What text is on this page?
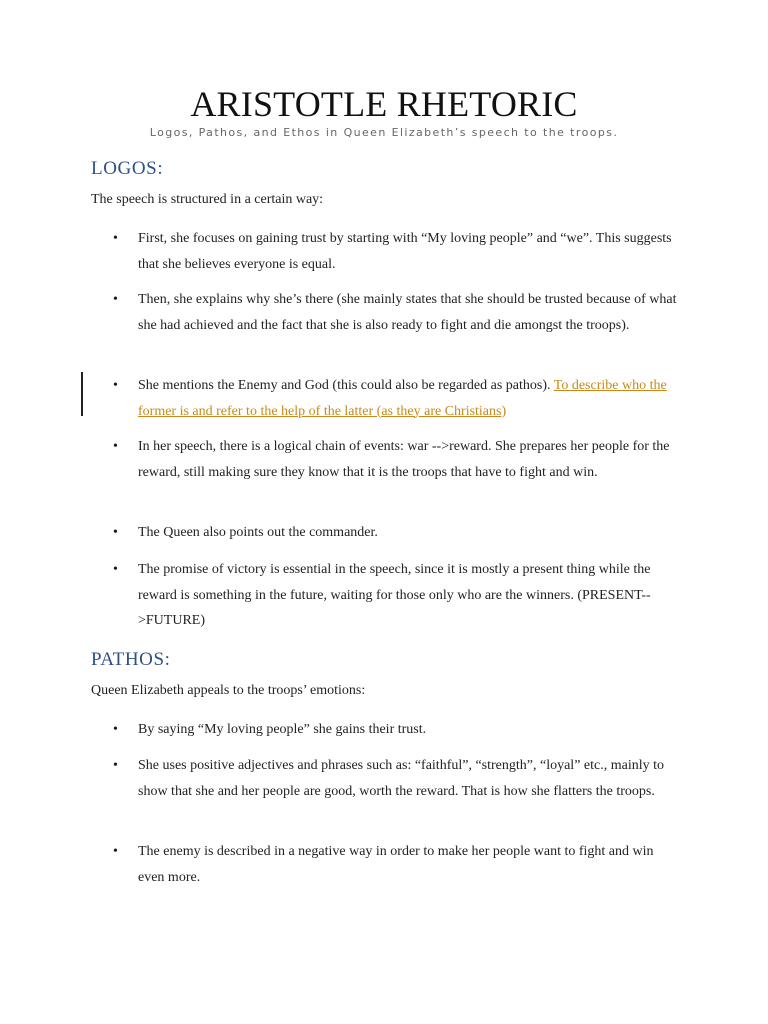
ARISTOTLE RHETORIC
Logos, Pathos, and Ethos in Queen Elizabeth’s speech to the troops.
LOGOS:
The speech is structured in a certain way:
• First, she focuses on gaining trust by starting with “My loving people” and “we”. This suggests that she believes everyone is equal.
• Then, she explains why she’s there (she mainly states that she should be trusted because of what she had achieved and the fact that she is also ready to fight and die amongst the troops).
• She mentions the Enemy and God (this could also be regarded as pathos). To describe who the former is and refer to the help of the latter (as they are Christians)
• In her speech, there is a logical chain of events: war -->reward. She prepares her people for the reward, still making sure they know that it is the troops that have to fight and win.
• The Queen also points out the commander.
• The promise of victory is essential in the speech, since it is mostly a present thing while the reward is something in the future, waiting for those only who are the winners. (PRESENT-->FUTURE)
PATHOS:
Queen Elizabeth appeals to the troops’ emotions:
• By saying “My loving people” she gains their trust.
• She uses positive adjectives and phrases such as: “faithful”, “strength”, “loyal” etc., mainly to show that she and her people are good, worth the reward. That is how she flatters the troops.
• The enemy is described in a negative way in order to make her people want to fight and win even more.
